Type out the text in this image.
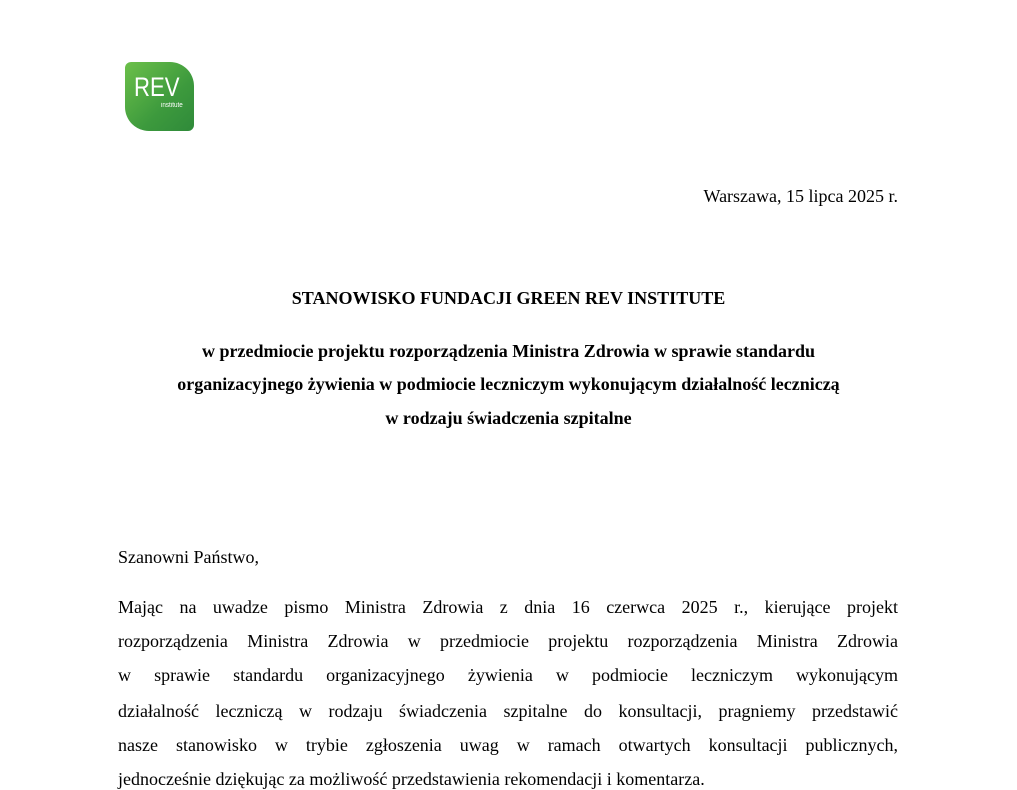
REV
institute
Warszawa, 15 lipca 2025 r.
STANOWISKO FUNDACJI GREEN REV INSTITUTE
w przedmiocie projektu rozporządzenia Ministra Zdrowia w sprawie standardu
organizacyjnego żywienia w podmiocie leczniczym wykonującym działalność leczniczą
w rodzaju świadczenia szpitalne
Szanowni Państwo,
Mając na uwadze pismo Ministra Zdrowia z dnia 16 czerwca 2025 r., kierujące projekt
rozporządzenia Ministra Zdrowia w przedmiocie projektu rozporządzenia Ministra Zdrowia
w sprawie standardu organizacyjnego żywienia w podmiocie leczniczym wykonującym
działalność leczniczą w rodzaju świadczenia szpitalne do konsultacji, pragniemy przedstawić
nasze stanowisko w trybie zgłoszenia uwag w ramach otwartych konsultacji publicznych,
jednocześnie dziękując za możliwość przedstawienia rekomendacji i komentarza.
